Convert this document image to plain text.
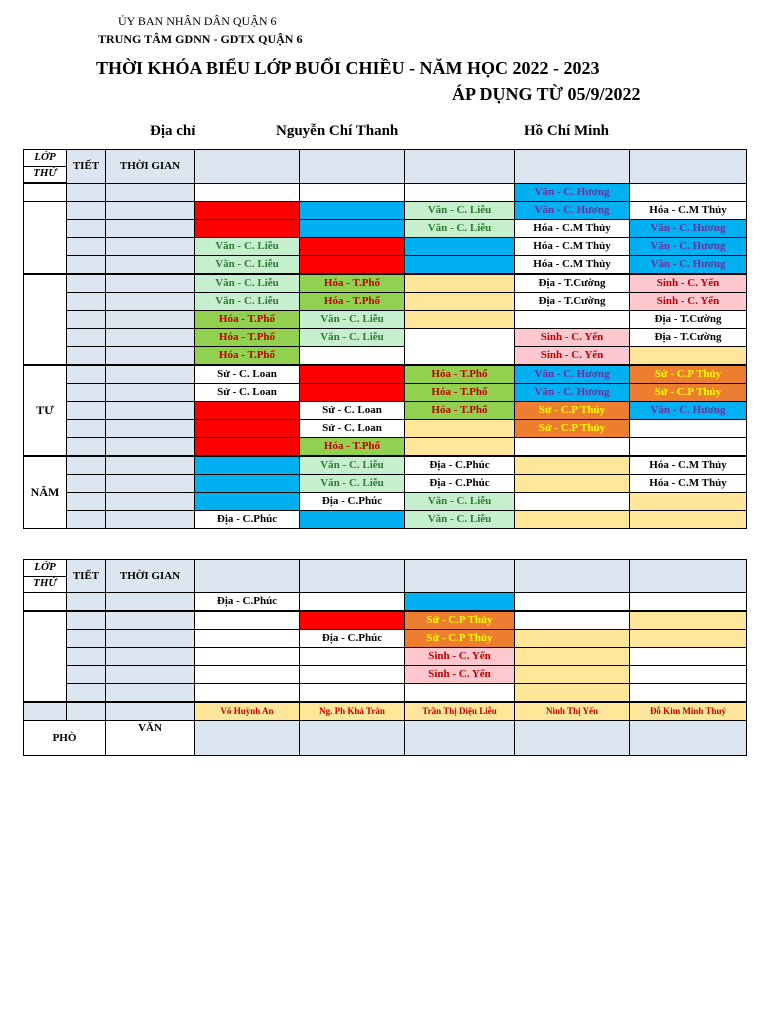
ỦY BAN NHÂN DÂN QUẬN 6
TRUNG TÂM GDNN - GDTX QUẬN 6
THỜI KHÓA BIỂU LỚP BUỔI CHIỀU - NĂM HỌC 2022 - 2023
ÁP DỤNG TỪ 05/9/2022
Địa chỉ	Nguyễn Chí Thanh	Hồ Chí Minh
LỚP
THỨ	TIẾT	THỜI GIAN					
						Văn - C. Hương	
					Văn - C. Liễu	Văn - C. Hương	Hóa - C.M Thủy
					Văn - C. Liễu	Hóa - C.M Thủy	Văn - C. Hương
			Văn - C. Liễu			Hóa - C.M Thủy	Văn - C. Hương
			Văn - C. Liễu			Hóa - C.M Thủy	Văn - C. Hương
			Văn - C. Liễu	Hóa - T.Phổ		Địa - T.Cường	Sinh - C. Yến
			Văn - C. Liễu	Hóa - T.Phổ		Địa - T.Cường	Sinh - C. Yến
			Hóa - T.Phổ	Văn - C. Liễu			Địa - T.Cường
			Hóa - T.Phổ	Văn - C. Liễu		Sinh - C. Yến	Địa - T.Cường
			Hóa - T.Phổ			Sinh - C. Yến	
TƯ			Sử - C. Loan		Hóa - T.Phổ	Văn - C. Hương	Sử - C.P Thủy
			Sử - C. Loan		Hóa - T.Phổ	Văn - C. Hương	Sử - C.P Thủy
				Sử - C. Loan	Hóa - T.Phổ	Sử - C.P Thủy	Văn - C. Hương
				Sử - C. Loan		Sử - C.P Thủy	
				Hóa - T.Phổ			
NĂM				Văn - C. Liễu	Địa - C.Phúc		Hóa - C.M Thủy
				Văn - C. Liễu	Địa - C.Phúc		Hóa - C.M Thủy
				Địa - C.Phúc	Văn - C. Liễu		
			Địa - C.Phúc		Văn - C. Liễu		
LỚP
THỨ	TIẾT	THỜI GIAN					
			Địa - C.Phúc				
					Sử - C.P Thủy		
				Địa - C.Phúc	Sử - C.P Thủy		
					Sinh - C. Yến		
					Sinh - C. Yến		

			Võ Huỳnh An	Ng. Ph Khả Trân	Trần Thị Diệu Liễu	Ninh Thị Yến	Đỗ Kim Minh Thuỷ
PHÒ		VĂN					
